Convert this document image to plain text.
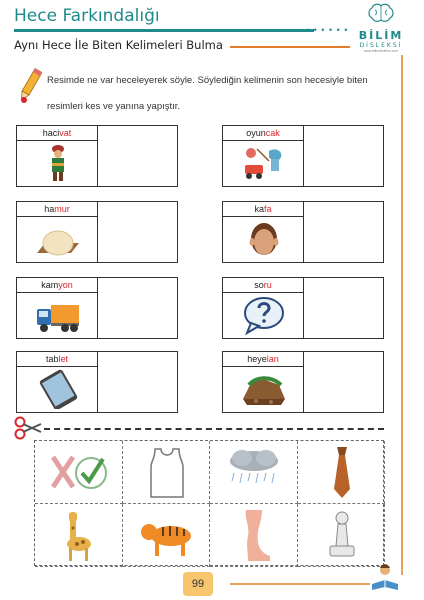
Hece Farkındalığı
• • • • • •
Aynı Hece İle Biten Kelimeleri Bulma
BİLİM
DİSLEKSİ
www.bilimdisleksi.com
Resimde ne var heceleyerek söyle. Söylediğin kelimenin son hecesiyle biten resimleri kes ve yanına yapıştır.
hacivat	oyuncak
hamur	kafa
kamyon	soru
tablet	heyelan
99
